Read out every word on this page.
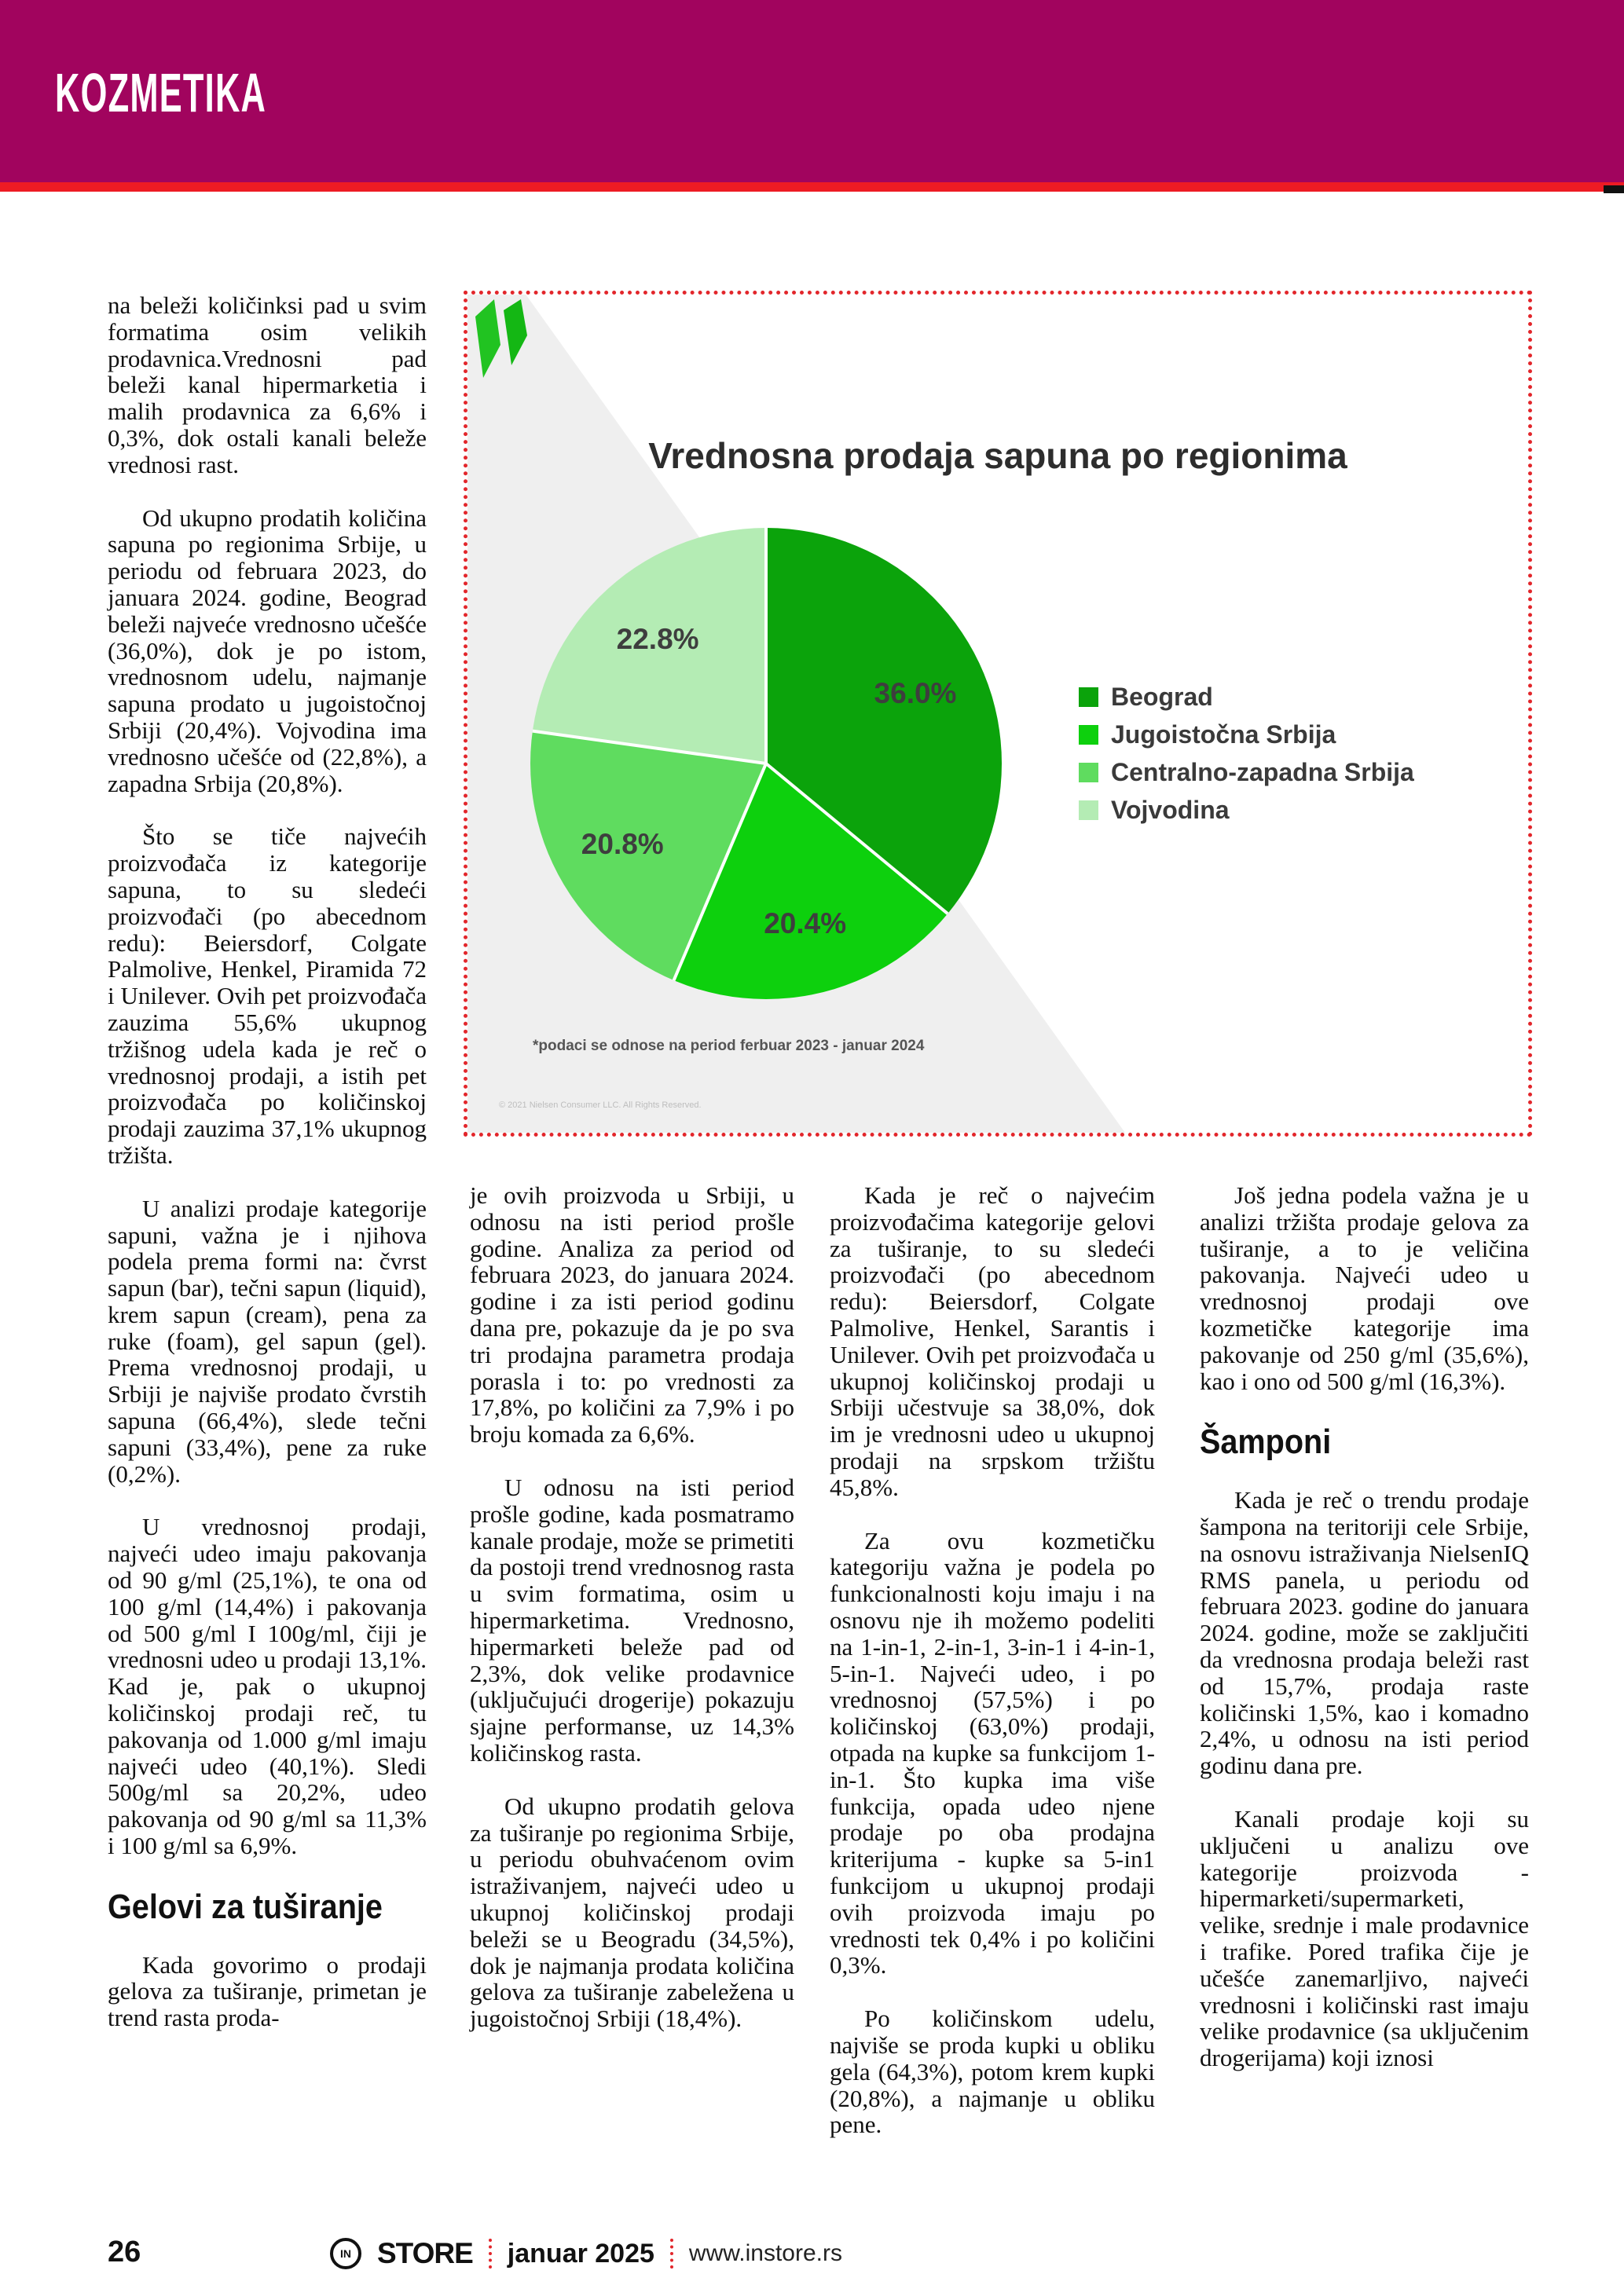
KOZMETIKA
Vrednosna prodaja sapuna po regionima
Beograd
Jugoistočna Srbija
Centralno-zapadna Srbija
Vojvodina
*podaci se odnose na period ferbuar 2023 - januar 2024
© 2021 Nielsen Consumer LLC. All Rights Reserved.
36.0%
20.4%
20.8%
22.8%

na beleži količinksi pad u svim formatima osim velikih prodavnica.Vrednosni pad beleži kanal hipermarketia i malih prodavnica za 6,6% i 0,3%, dok ostali kanali beleže vrednosi rast.

Od ukupno prodatih količina sapuna po regionima Srbije, u periodu od februara 2023, do januara 2024. godine, Beograd beleži najveće vrednosno učešće (36,0%), dok je po istom, vrednosnom udelu, najmanje sapuna prodato u jugoistočnoj Srbiji (20,4%). Vojvodina ima vrednosno učešće od (22,8%), a zapadna Srbija (20,8%).

Što se tiče najvećih proizvođača iz kategorije sapuna, to su sledeći proizvođači (po abecednom redu): Beiersdorf, Colgate Palmolive, Henkel, Piramida 72 i Unilever. Ovih pet proizvođača zauzima 55,6% ukupnog tržišnog udela kada je reč o vrednosnoj prodaji, a istih pet proizvođača po količinskoj prodaji zauzima 37,1% ukupnog tržišta.

U analizi prodaje kategorije sapuni, važna je i njihova podela prema formi na: čvrst sapun (bar), tečni sapun (liquid), krem sapun (cream), pena za ruke (foam), gel sapun (gel). Prema vrednosnoj prodaji, u Srbiji je najviše prodato čvrstih sapuna (66,4%), slede tečni sapuni (33,4%), pene za ruke (0,2%).

U vrednosnoj prodaji, najveći udeo imaju pakovanja od 90 g/ml (25,1%), te ona od 100 g/ml (14,4%) i pakovanja od 500 g/ml I 100g/ml, čiji je vrednosni udeo u prodaji 13,1%. Kad je, pak o ukupnoj količinskoj prodaji reč, tu pakovanja od 1.000 g/ml imaju najveći udeo (40,1%). Sledi 500g/ml sa 20,2%, udeo pakovanja od 90 g/ml sa 11,3% i 100 g/ml sa 6,9%.

Gelovi za tuširanje

Kada govorimo o prodaji gelova za tuširanje, primetan je trend rasta proda-

je ovih proizvoda u Srbiji, u odnosu na isti period prošle godine. Analiza za period od februara 2023, do januara 2024. godine i za isti period godinu dana pre, pokazuje da je po sva tri prodajna parametra prodaja porasla i to: po vrednosti za 17,8%, po količini za 7,9% i po broju komada za 6,6%.

U odnosu na isti period prošle godine, kada posmatramo kanale prodaje, može se primetiti da postoji trend vrednosnog rasta u svim formatima, osim u hipermarketima. Vrednosno, hipermarketi beleže pad od 2,3%, dok velike prodavnice (uključujući drogerije) pokazuju sjajne performanse, uz 14,3% količinskog rasta.

Od ukupno prodatih gelova za tuširanje po regionima Srbije, u periodu obuhvaćenom ovim istraživanjem, najveći udeo u ukupnoj količinskoj prodaji beleži se u Beogradu (34,5%), dok je najmanja prodata količina gelova za tuširanje zabeležena u jugoistočnoj Srbiji (18,4%).

Kada je reč o najvećim proizvođačima kategorije gelovi za tuširanje, to su sledeći proizvođači (po abecednom redu): Beiersdorf, Colgate Palmolive, Henkel, Sarantis i Unilever. Ovih pet proizvođača u ukupnoj količinskoj prodaji u Srbiji učestvuje sa 38,0%, dok im je vrednosni udeo u ukupnoj prodaji na srpskom tržištu 45,8%.

Za ovu kozmetičku kategoriju važna je podela po funkcionalnosti koju imaju i na osnovu nje ih možemo podeliti na 1-in-1, 2-in-1, 3-in-1 i 4-in-1, 5-in-1. Najveći udeo, i po vrednosnoj (57,5%) i po količinskoj (63,0%) prodaji, otpada na kupke sa funkcijom 1-in-1. Što kupka ima više funkcija, opada udeo njene prodaje po oba prodajna kriterijuma - kupke sa 5-in1 funkcijom u ukupnoj prodaji ovih proizvoda imaju po vrednosti tek 0,4% i po količini 0,3%.

Po količinskom udelu, najviše se proda kupki u obliku gela (64,3%), potom krem kupki (20,8%), a najmanje u obliku pene.

Još jedna podela važna je u analizi tržišta prodaje gelova za tuširanje, a to je veličina pakovanja. Najveći udeo u vrednosnoj prodaji ove kozmetičke kategorije ima pakovanje od 250 g/ml (35,6%), kao i ono od 500 g/ml (16,3%).

Šamponi

Kada je reč o trendu prodaje šampona na teritoriji cele Srbije, na osnovu istraživanja NielsenIQ RMS panela, u periodu od februara 2023. godine do januara 2024. godine, može se zaključiti da vrednosna prodaja beleži rast od 15,7%, prodaja raste količinski 1,5%, kao i komadno 2,4%, u odnosu na isti period godinu dana pre.

Kanali prodaje koji su uključeni u analizu ove kategorije proizvoda - hipermarketi/supermarketi, velike, srednje i male prodavnice i trafike. Pored trafika čije je učešće zanemarljivo, najveći vrednosni i količinski rast imaju velike prodavnice (sa uključenim drogerijama) koji iznosi

26	IN STORE januar 2025 www.instore.rs
